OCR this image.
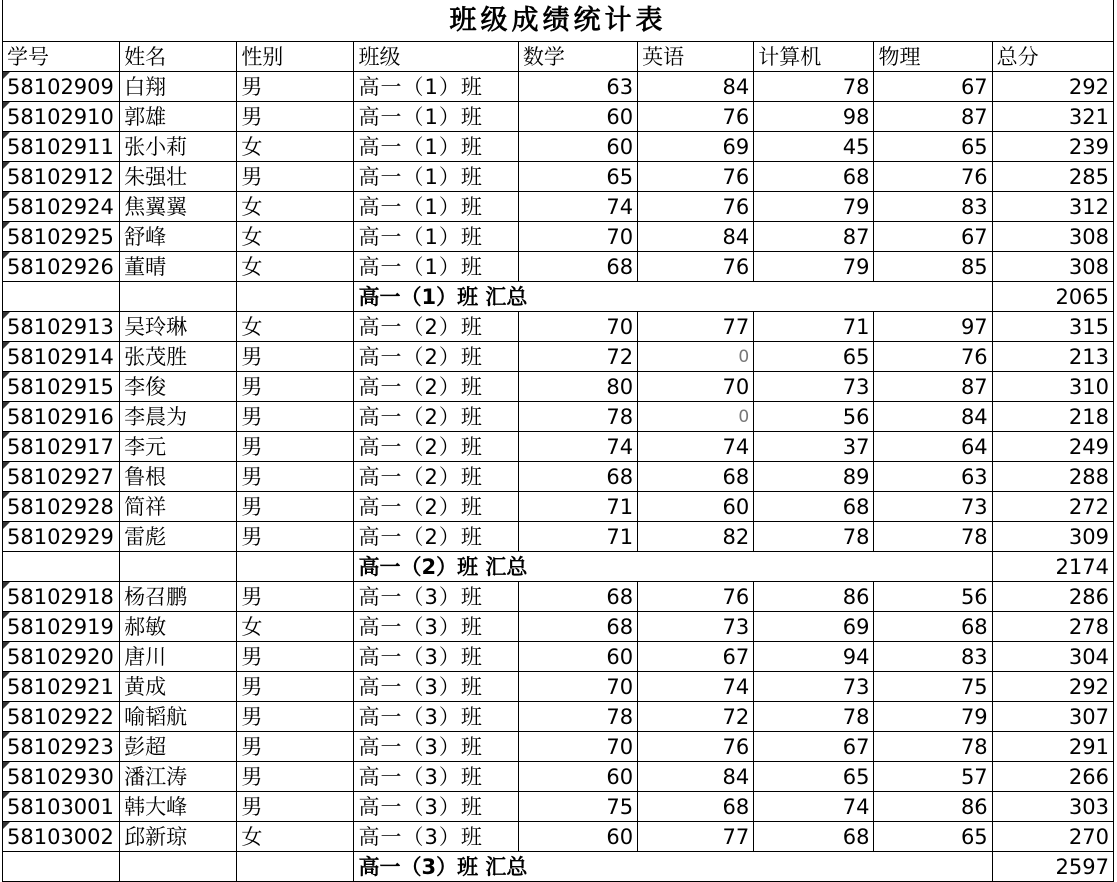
班级成绩统计表
学号	姓名	性别	班级	数学	英语	计算机	物理	总分
58102909	白翔	男	高一（1）班	63	84	78	67	292
58102910	郭雄	男	高一（1）班	60	76	98	87	321
58102911	张小莉	女	高一（1）班	60	69	45	65	239
58102912	朱强壮	男	高一（1）班	65	76	68	76	285
58102924	焦翼翼	女	高一（1）班	74	76	79	83	312
58102925	舒峰	女	高一（1）班	70	84	87	67	308
58102926	董晴	女	高一（1）班	68	76	79	85	308
			高一（1）班 汇总					2065
58102913	吴玲琳	女	高一（2）班	70	77	71	97	315
58102914	张茂胜	男	高一（2）班	72	0	65	76	213
58102915	李俊	男	高一（2）班	80	70	73	87	310
58102916	李晨为	男	高一（2）班	78	0	56	84	218
58102917	李元	男	高一（2）班	74	74	37	64	249
58102927	鲁根	男	高一（2）班	68	68	89	63	288
58102928	简祥	男	高一（2）班	71	60	68	73	272
58102929	雷彪	男	高一（2）班	71	82	78	78	309
			高一（2）班 汇总					2174
58102918	杨召鹏	男	高一（3）班	68	76	86	56	286
58102919	郝敏	女	高一（3）班	68	73	69	68	278
58102920	唐川	男	高一（3）班	60	67	94	83	304
58102921	黄成	男	高一（3）班	70	74	73	75	292
58102922	喻韬航	男	高一（3）班	78	72	78	79	307
58102923	彭超	男	高一（3）班	70	76	67	78	291
58102930	潘江涛	男	高一（3）班	60	84	65	57	266
58103001	韩大峰	男	高一（3）班	75	68	74	86	303
58103002	邱新琼	女	高一（3）班	60	77	68	65	270
			高一（3）班 汇总					2597
